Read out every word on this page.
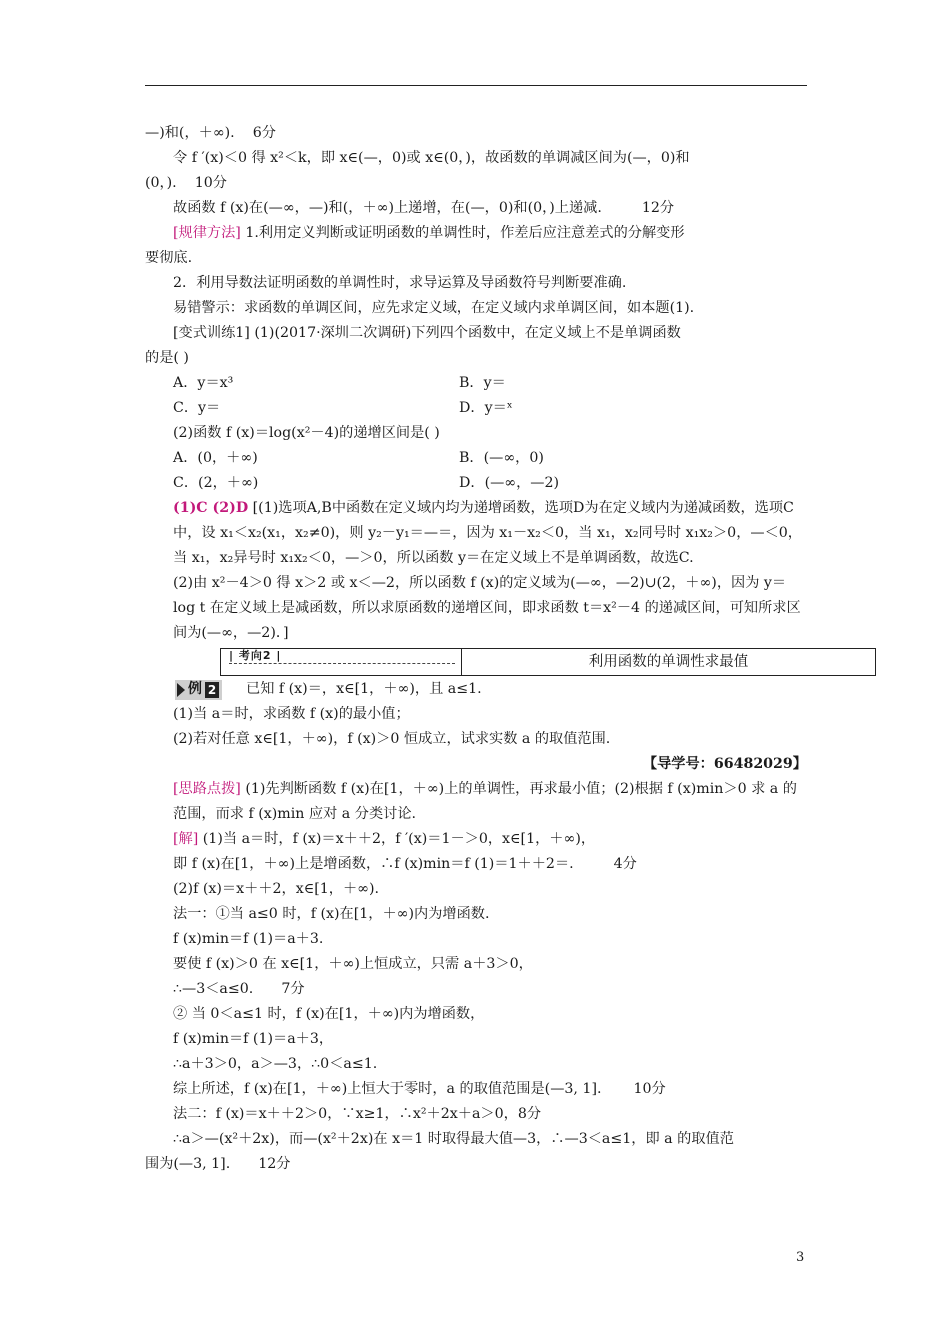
—)和(，＋∞). 6分
令 f ′(x)＜0 得 x²＜k，即 x∈(—，0)或 x∈(0，)，故函数的单调减区间为(—，0)和
(0，). 10分
故函数 f (x)在(—∞，—)和(，＋∞)上递增，在(—，0)和(0，)上递减.	12分
[规律方法] 1.利用定义判断或证明函数的单调性时，作差后应注意差式的分解变形
要彻底.
2．利用导数法证明函数的单调性时，求导运算及导函数符号判断要准确.
易错警示：求函数的单调区间，应先求定义域，在定义域内求单调区间，如本题(1).
[变式训练1] (1)(2017·深圳二次调研)下列四个函数中，在定义域上不是单调函数
的是( )
A．y＝x³	B．y＝
C．y＝	D．y＝ˣ
(2)函数 f (x)＝log(x²－4)的递增区间是( )
A．(0，＋∞)	B．(—∞，0)
C．(2，＋∞)	D．(—∞，—2)
(1)C (2)D [(1)选项A,B中函数在定义域内均为递增函数，选项D为在定义域内为递减函数，选项C中，设 x₁＜x₂(x₁，x₂≠0)，则 y₂－y₁＝—＝，因为 x₁－x₂＜0，当 x₁，x₂同号时 x₁x₂＞0，—＜0，当 x₁，x₂异号时 x₁x₂＜0，—＞0，所以函数 y＝在定义域上不是单调函数，故选C.
(2)由 x²－4＞0 得 x＞2 或 x＜—2，所以函数 f (x)的定义域为(—∞，—2)∪(2，＋∞)，因为 y＝log t 在定义域上是减函数，所以求原函数的递增区间，即求函数 t＝x²－4 的递减区间，可知所求区间为(—∞，—2)．]
| 考向2 |	利用函数的单调性求最值
例 2 已知 f (x)＝，x∈[1，＋∞)，且 a≤1.
(1)当 a＝时，求函数 f (x)的最小值；
(2)若对任意 x∈[1，＋∞)，f (x)＞0 恒成立，试求实数 a 的取值范围.
【导学号：66482029】
[思路点拨] (1)先判断函数 f (x)在[1，＋∞)上的单调性，再求最小值；(2)根据 f (x)min＞0 求 a 的范围，而求 f (x)min 应对 a 分类讨论.
[解] (1)当 a＝时，f (x)＝x＋＋2，f ′(x)＝1－＞0，x∈[1，＋∞)，
即 f (x)在[1，＋∞)上是增函数，∴f (x)min＝f (1)＝1＋＋2＝.	4分
(2)f (x)＝x＋＋2，x∈[1，＋∞).
法一：①当 a≤0 时，f (x)在[1，＋∞)内为增函数.
f (x)min＝f (1)＝a＋3.
要使 f (x)＞0 在 x∈[1，＋∞)上恒成立，只需 a＋3＞0，
∴—3＜a≤0. 7分
② 当 0＜a≤1 时，f (x)在[1，＋∞)内为增函数，
f (x)min＝f (1)＝a＋3，
∴a＋3＞0，a＞—3，∴0＜a≤1.
综上所述，f (x)在[1，＋∞)上恒大于零时，a 的取值范围是(—3, 1]. 10分
法二：f (x)＝x＋＋2＞0，∵x≥1，∴x²＋2x＋a＞0，8分
∴a＞—(x²＋2x)，而—(x²＋2x)在 x＝1 时取得最大值—3，∴—3＜a≤1，即 a 的取值范
围为(—3, 1]. 12分
3
